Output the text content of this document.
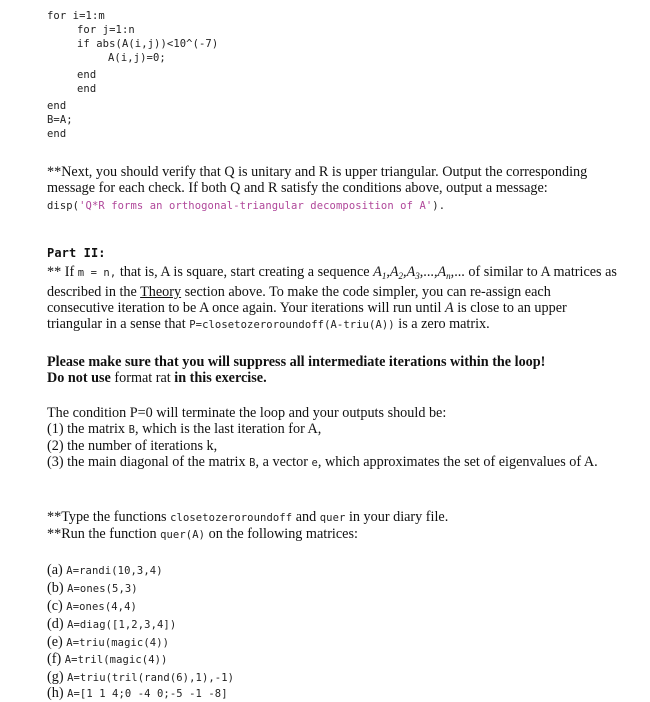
for i=1:m
for j=1:n
if abs(A(i,j))<10^(-7)
A(i,j)=0;
end
end
end
B=A;
end

**Next, you should verify that Q is unitary and R is upper triangular. Output the corresponding message for each check. If both Q and R satisfy the conditions above, output a message:

disp('Q*R forms an orthogonal-triangular decomposition of A').

Part II:

** If m = n, that is, A is square, start creating a sequence $A_1,A_2,A_3,...,A_n$,... of similar to A matrices as described in the Theory section above. To make the code simpler, you can re-assign each consecutive iteration to be A once again. Your iterations will run until A is close to an upper triangular in a sense that P=closetozeroroundoff(A-triu(A)) is a zero matrix.

Please make sure that you will suppress all intermediate iterations within the loop!

Do not use format rat in this exercise.

The condition P=0 will terminate the loop and your outputs should be:

(1) the matrix B, which is the last iteration for A,

(2) the number of iterations k,

(3) the main diagonal of the matrix B, a vector e, which approximates the set of eigenvalues of A.

**Type the functions closetozeroroundoff and quer in your diary file.

**Run the function quer(A) on the following matrices:

(a) A=randi(10,3,4)
(b) A=ones(5,3)
(c) A=ones(4,4)
(d) A=diag([1,2,3,4])
(e) A=triu(magic(4))
(f) A=tril(magic(4))
(g) A=triu(tril(rand(6),1),-1)
(h) A=[1 1 4;0 -4 0;-5 -1 -8]
